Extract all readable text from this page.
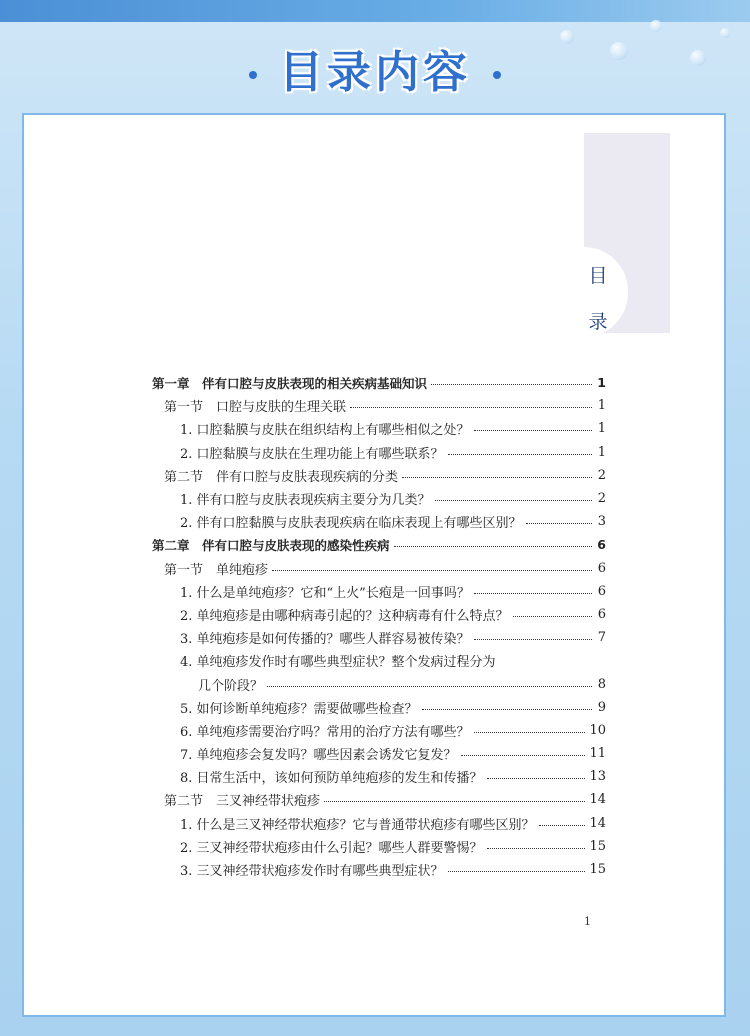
目录内容
目
录
第一章　伴有口腔与皮肤表现的相关疾病基础知识	1
第一节　口腔与皮肤的生理关联	1
1. 口腔黏膜与皮肤在组织结构上有哪些相似之处？	1
2. 口腔黏膜与皮肤在生理功能上有哪些联系？	1
第二节　伴有口腔与皮肤表现疾病的分类	2
1. 伴有口腔与皮肤表现疾病主要分为几类？	2
2. 伴有口腔黏膜与皮肤表现疾病在临床表现上有哪些区别？	3
第二章　伴有口腔与皮肤表现的感染性疾病	6
第一节　单纯疱疹	6
1. 什么是单纯疱疹？它和“上火”长疱是一回事吗？	6
2. 单纯疱疹是由哪种病毒引起的？这种病毒有什么特点？	6
3. 单纯疱疹是如何传播的？哪些人群容易被传染？	7
4. 单纯疱疹发作时有哪些典型症状？整个发病过程分为
几个阶段？	8
5. 如何诊断单纯疱疹？需要做哪些检查？	9
6. 单纯疱疹需要治疗吗？常用的治疗方法有哪些？	10
7. 单纯疱疹会复发吗？哪些因素会诱发它复发？	11
8. 日常生活中，该如何预防单纯疱疹的发生和传播？	13
第二节　三叉神经带状疱疹	14
1. 什么是三叉神经带状疱疹？它与普通带状疱疹有哪些区别？	14
2. 三叉神经带状疱疹由什么引起？哪些人群要警惕？	15
3. 三叉神经带状疱疹发作时有哪些典型症状？	15
1
